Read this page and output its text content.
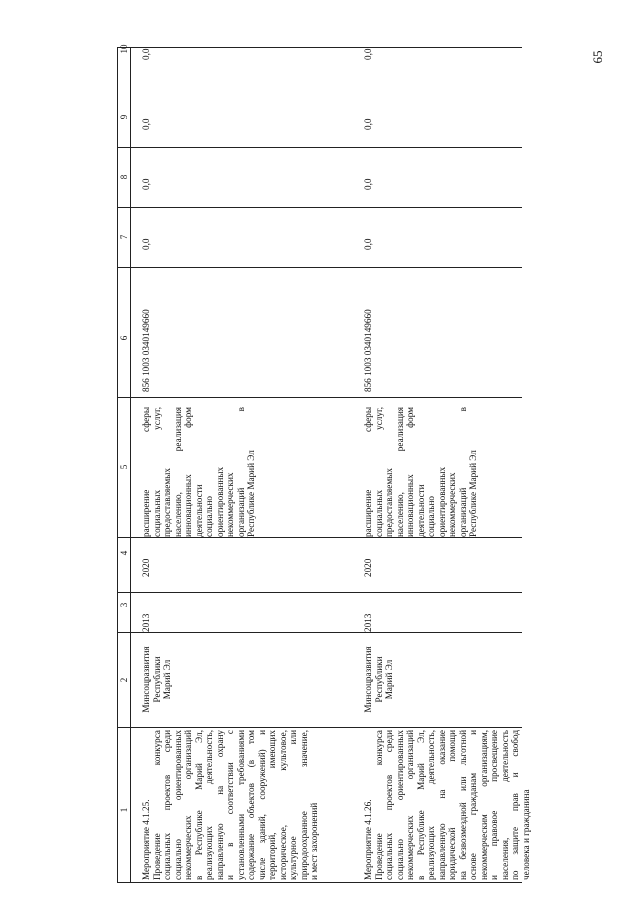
65
10
9
8
7
6
5
4
3
2
1 Мероприятие 4.1.25. Проведение конкурса социальных проектов среди социально ориентированных некоммерческих организаций в Республике Марий Эл, реализующих деятельность, направленную на охрану и в соответствии с установленными требованиями содержание объектов (в том числе зданий, сооружений) и территорий, имеющих историческое, культовое, культурное или природоохранное значение, и мест захоронений
Минсоцразвития Республики Марий Эл
2013
2020
расширение сферы социальных услуг, предоставляемых населению, реализация инновационных форм деятельности социально ориентированных некоммерческих организаций в Республике Марий Эл
856 1003 0340149660
0,0
0,0
0,0
0,0
Мероприятие 4.1.26. Проведение конкурса социальных проектов среди социально ориентированных некоммерческих организаций в Республике Марий Эл, реализующих деятельность, направленную на оказание юридической помощи на безвозмездной или льготной основе гражданам и некоммерческим организациям, и правовое просвещение населения, деятельность по защите прав и свобод человека и гражданина
Минсоцразвития Республики Марий Эл
2013
2020
расширение сферы социальных услуг, предоставляемых населению, реализация инновационных форм деятельности социально ориентированных некоммерческих организаций в Республике Марий Эл
856 1003 0340149660
0,0
0,0
0,0
0,0
